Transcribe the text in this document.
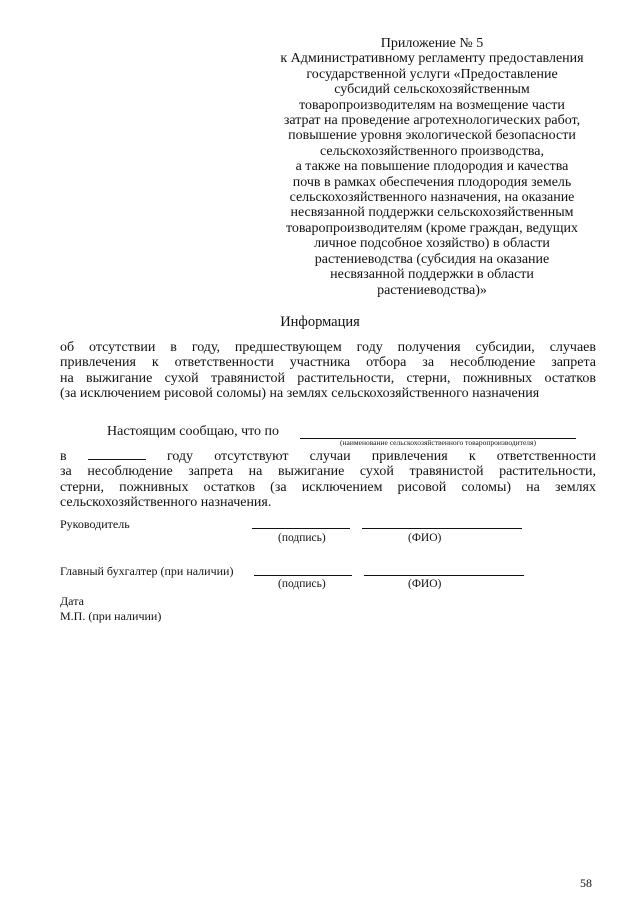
Приложение № 5
к Административному регламенту предоставления
государственной услуги «Предоставление
субсидий сельскохозяйственным
товаропроизводителям на возмещение части
затрат на проведение агротехнологических работ,
повышение уровня экологической безопасности
сельскохозяйственного производства,
а также на повышение плодородия и качества
почв в рамках обеспечения плодородия земель
сельскохозяйственного назначения, на оказание
несвязанной поддержки сельскохозяйственным
товаропроизводителям (кроме граждан, ведущих
личное подсобное хозяйство) в области
растениеводства (субсидия на оказание
несвязанной поддержки в области
растениеводства)»
Информация
об отсутствии в году, предшествующем году получения субсидии, случаев
привлечения к ответственности участника отбора за несоблюдение запрета
на выжигание сухой травянистой растительности, стерни, пожнивных остатков
(за исключением рисовой соломы) на землях сельскохозяйственного назначения
Настоящим сообщаю, что по
(наименование сельскохозяйственного товаропроизводителя)
в	году отсутствуют случаи привлечения к ответственности
за несоблюдение запрета на выжигание сухой травянистой растительности,
стерни, пожнивных остатков (за исключением рисовой соломы) на землях
сельскохозяйственного назначения.
Руководитель
(подпись)	(ФИО)
Главный бухгалтер (при наличии)
(подпись)	(ФИО)
Дата
М.П. (при наличии)
58
